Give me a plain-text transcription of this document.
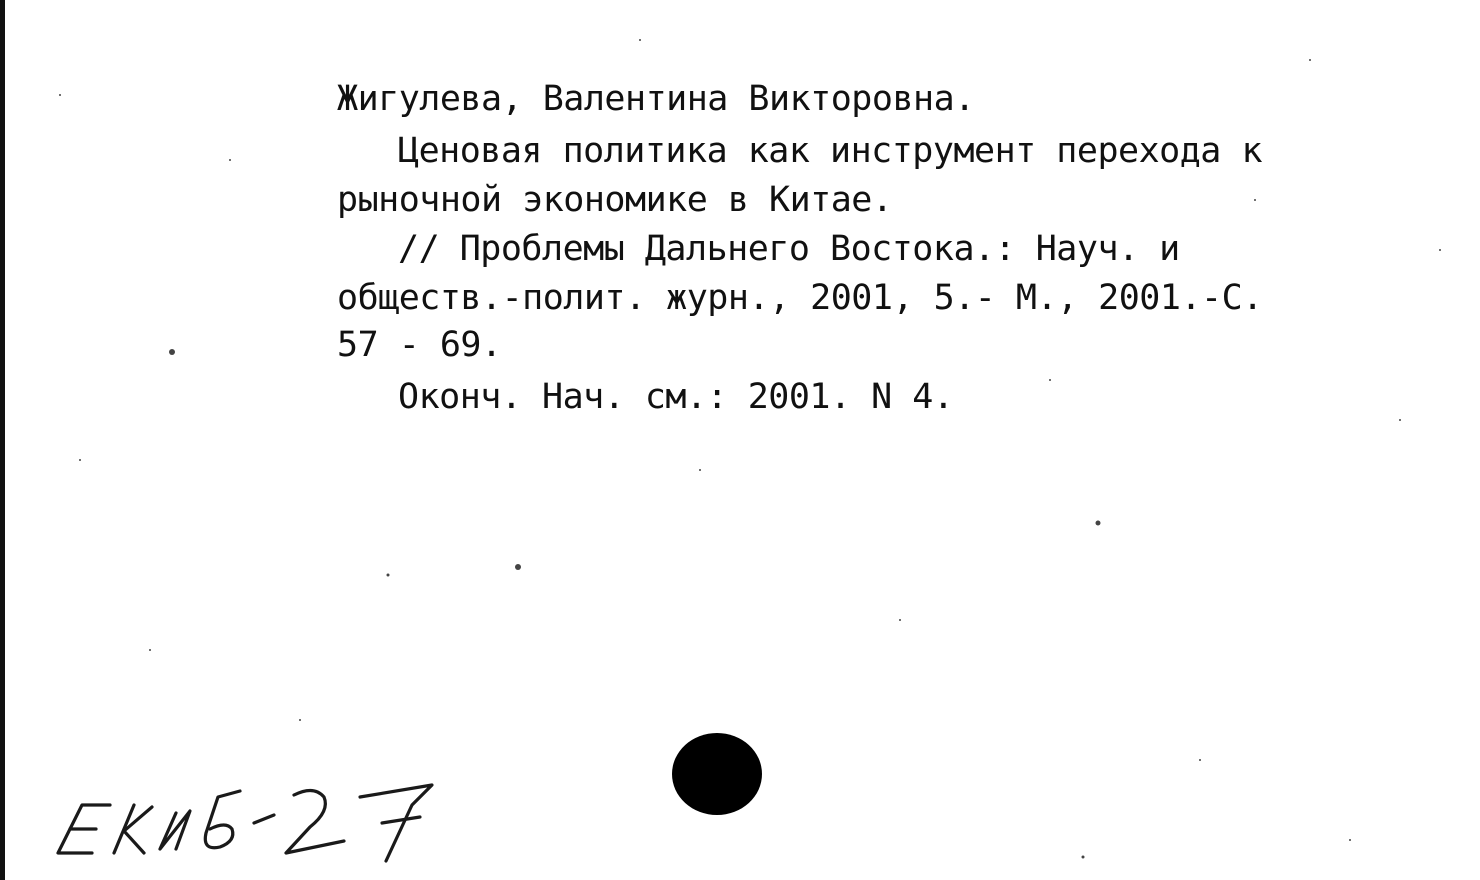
Жигулева, Валентина Викторовна.
Ценовая политика как инструмент перехода к
рыночной экономике в Китае.
// Проблемы Дальнего Востока.: Науч. и
обществ.-полит. журн., 2001, 5.- М., 2001.-С.
57 - 69.
Оконч. Нач. см.: 2001. N 4.
